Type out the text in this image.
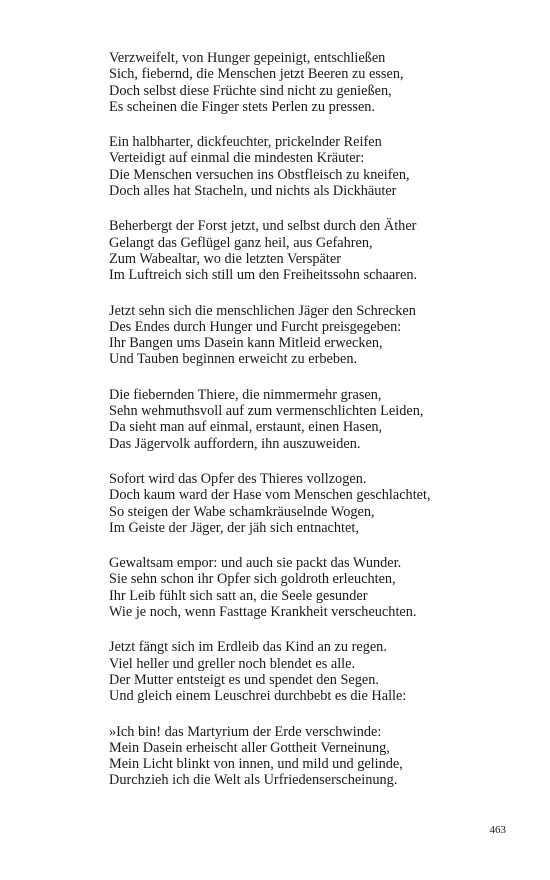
Verzweifelt, von Hunger gepeinigt, entschließen
Sich, fiebernd, die Menschen jetzt Beeren zu essen,
Doch selbst diese Früchte sind nicht zu genießen,
Es scheinen die Finger stets Perlen zu pressen.
Ein halbharter, dickfeuchter, prickelnder Reifen
Verteidigt auf einmal die mindesten Kräuter:
Die Menschen versuchen ins Obstfleisch zu kneifen,
Doch alles hat Stacheln, und nichts als Dickhäuter
Beherbergt der Forst jetzt, und selbst durch den Äther
Gelangt das Geflügel ganz heil, aus Gefahren,
Zum Wabealtar, wo die letzten Verspäter
Im Luftreich sich still um den Freiheitssohn schaaren.
Jetzt sehn sich die menschlichen Jäger den Schrecken
Des Endes durch Hunger und Furcht preisgegeben:
Ihr Bangen ums Dasein kann Mitleid erwecken,
Und Tauben beginnen erweicht zu erbeben.
Die fiebernden Thiere, die nimmermehr grasen,
Sehn wehmuthsvoll auf zum vermenschlichten Leiden,
Da sieht man auf einmal, erstaunt, einen Hasen,
Das Jägervolk auffordern, ihn auszuweiden.
Sofort wird das Opfer des Thieres vollzogen.
Doch kaum ward der Hase vom Menschen geschlachtet,
So steigen der Wabe schamkräuselnde Wogen,
Im Geiste der Jäger, der jäh sich entnachtet,
Gewaltsam empor: und auch sie packt das Wunder.
Sie sehn schon ihr Opfer sich goldroth erleuchten,
Ihr Leib fühlt sich satt an, die Seele gesunder
Wie je noch, wenn Fasttage Krankheit verscheuchten.
Jetzt fängt sich im Erdleib das Kind an zu regen.
Viel heller und greller noch blendet es alle.
Der Mutter entsteigt es und spendet den Segen.
Und gleich einem Leuschrei durchbebt es die Halle:
»Ich bin! das Martyrium der Erde verschwinde:
Mein Dasein erheischt aller Gottheit Verneinung,
Mein Licht blinkt von innen, und mild und gelinde,
Durchzieh ich die Welt als Urfriedenserscheinung.
463
